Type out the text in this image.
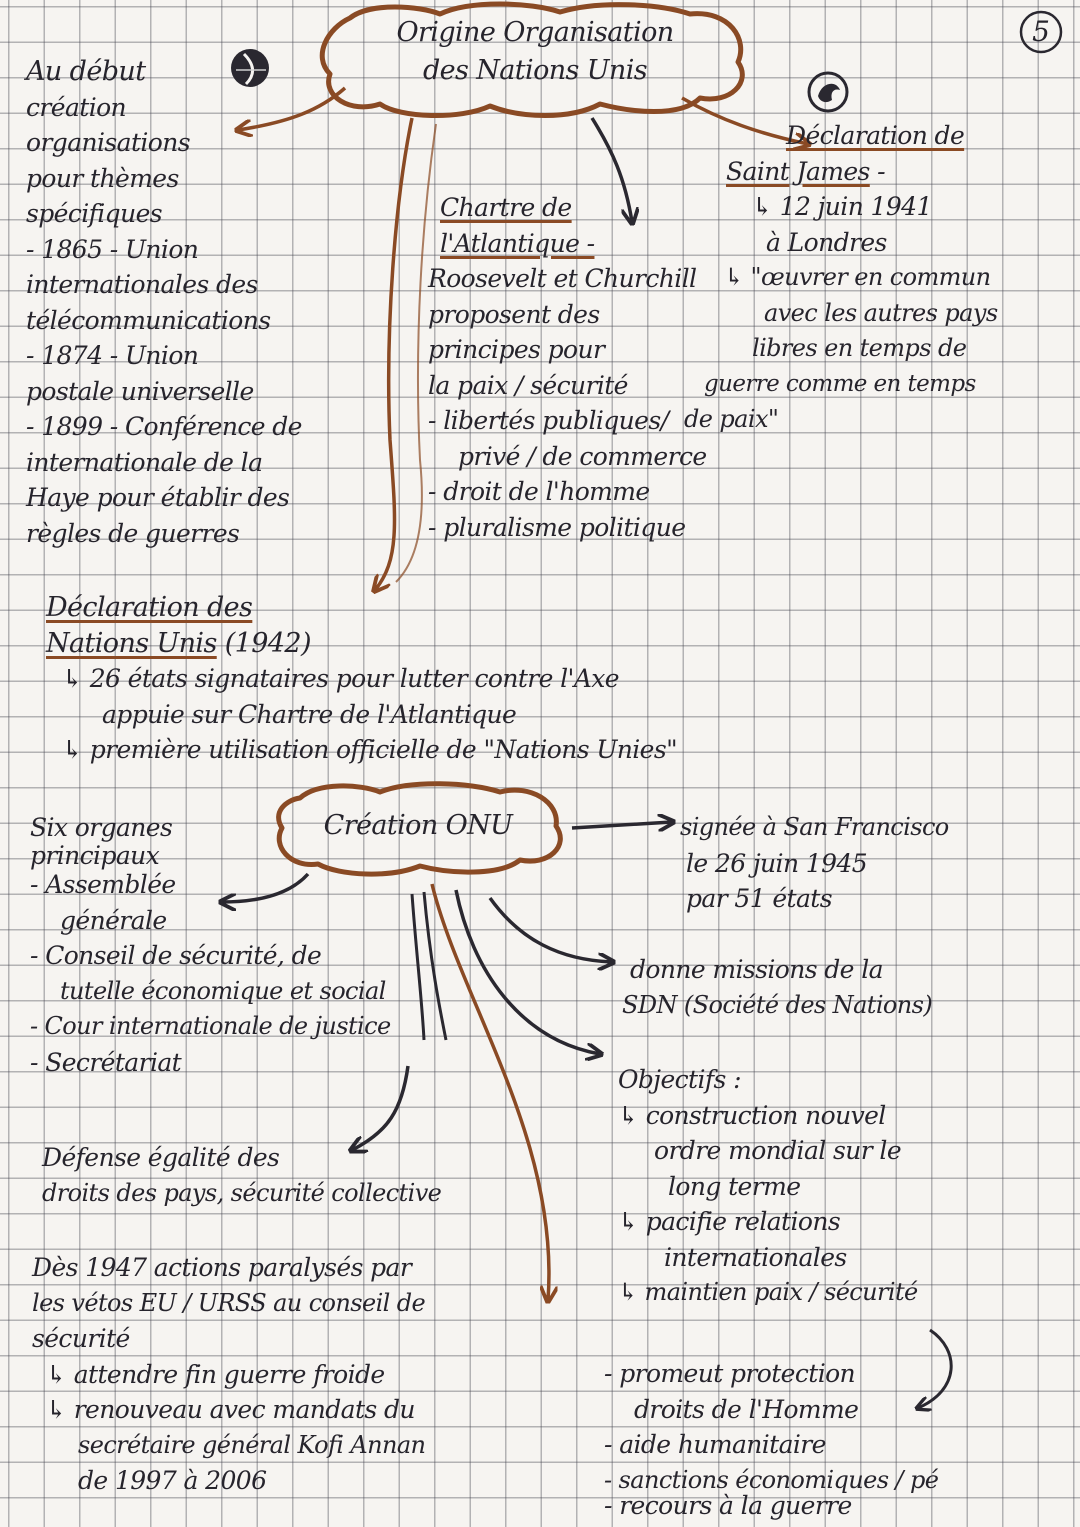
5
Origine Organisation
des Nations Unis
Au début
création
organisations
pour thèmes
spécifiques
- 1865 - Union
internationales des
télécommunications
- 1874 - Union
postale universelle
- 1899 - Conférence de
internationale de la
Haye pour établir des
règles de guerres
Chartre de
l'Atlantique -
Roosevelt et Churchill
proposent des
principes pour
la paix / sécurité
- libertés publiques/
privé / de commerce
- droit de l'homme
- pluralisme politique
Déclaration de
Saint James -
↳ 12 juin 1941
à Londres
↳ "œuvrer en commun
avec les autres pays
libres en temps de
guerre comme en temps
de paix"
Déclaration des
Nations Unis (1942)
↳ 26 états signataires pour lutter contre l'Axe
appuie sur Chartre de l'Atlantique
↳ première utilisation officielle de "Nations Unies"
Création ONU
Six organes
principaux
- Assemblée
générale
- Conseil de sécurité, de
tutelle économique et social
- Cour internationale de justice
- Secrétariat
signée à San Francisco
le 26 juin 1945
par 51 états
donne missions de la
SDN (Société des Nations)
Objectifs :
↳ construction nouvel
ordre mondial sur le
long terme
↳ pacifie relations
internationales
↳ maintien paix / sécurité
Défense égalité des
droits des pays, sécurité collective
Dès 1947 actions paralysés par
les vétos EU / URSS au conseil de
sécurité
↳ attendre fin guerre froide
↳ renouveau avec mandats du
secrétaire général Kofi Annan
de 1997 à 2006
- promeut protection
droits de l'Homme
- aide humanitaire
- sanctions économiques / pé
- recours à la guerre
